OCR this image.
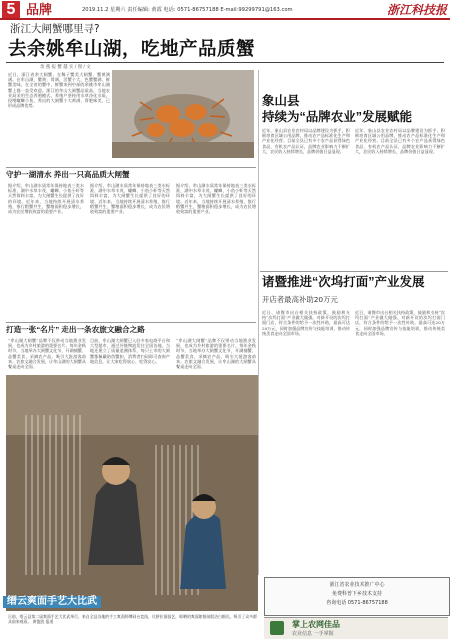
5 品牌	2019.11.2 星期六 责任编辑: 黄霞 电话: 0571-86757188 E-mail:99299791@163.com	浙江科技报
浙江大闸蟹哪里寻?
去余姚牟山湖，吃地产品质蟹
余 燕 报 蟹 越 实 / 图 / 文
近日，浙江省余大闸蟹，在稀子蟹美大闸蟹，蟹黄满满。在牟山湖，蟹黄、膏满，活蟹个大，色蟹蟹满。鲜蟹美味，在全省的蟹中，鲜蟹来到中部的余姚市牟山湖蟹上都一直受欢迎。浙江的牟山大闸蟹品质高。当地农业局采用生态养殖模式，养殖户坚持用水草净化水质，投喂螺蛳小鱼，养出的大闸蟹个大黄满、膏肥味美，已形成品牌优势。
守护一湖清水 养出一只高品质大闸蟹
据介绍，牟山湖水质常年保持地表三类水标准，湖中水草丰茂，螺蛳、小鱼小虾等天然饵料丰富，为大闸蟹生长提供了良好的环境。近年来，当地持续开展清水养殖，推行稻蟹共生，蟹塘面积稳步增长，成为农民增收致富的重要产业。
据介绍，牟山湖水质常年保持地表三类水标准，湖中水草丰茂，螺蛳、小鱼小虾等天然饵料丰富，为大闸蟹生长提供了良好的环境。近年来，当地持续开展清水养殖，推行稻蟹共生，蟹塘面积稳步增长，成为农民增收致富的重要产业。
据介绍，牟山湖水质常年保持地表三类水标准，湖中水草丰茂，螺蛳、小鱼小虾等天然饵料丰富，为大闸蟹生长提供了良好的环境。近年来，当地持续开展清水养殖，推行稻蟹共生，蟹塘面积稳步增长，成为农民增收致富的重要产业。
打造一张“名片” 走出一条农旅文融合之路
“牟山湖大闸蟹”品牌不仅带动当地渔业发展，也成为乡村旅游的重要名片。每年金秋时节，当地举办大闸蟹文化节，开湖捕蟹、品蟹美食、采摘农产品，吸引大批游客前来。农旅文融合发展，让牟山湖的大闸蟹从餐桌走向全国。
目前，牟山湖大闸蟹已入驻多家电商平台和大型超市，通过冷链物流发往全国各地。当地还建立了质量追溯体系，每只上市的大闸蟹都佩戴防伪蟹扣，消费者扫码即可查询产地信息，让大家吃得放心、吃得安心。
“牟山湖大闸蟹”品牌不仅带动当地渔业发展，也成为乡村旅游的重要名片。每年金秋时节，当地举办大闸蟹文化节，开湖捕蟹、品蟹美食、采摘农产品，吸引大批游客前来。农旅文融合发展，让牟山湖的大闸蟹从餐桌走向全国。
象山县
持续为“品牌农业”发展赋能
近年，象山县农业农村局以品牌建设为抓手，积极培育区域公用品牌，推动农产品标准化生产和产业化经营。目前全县已有多个农产品获得绿色食品、有机农产品认证，品牌农业影响力不断扩大，农民收入持续增长，品牌价值日益显现。
近年，象山县农业农村局以品牌建设为抓手，积极培育区域公用品牌，推动农产品标准化生产和产业化经营。目前全县已有多个农产品获得绿色食品、有机农产品认证，品牌农业影响力不断扩大，农民收入持续增长，品牌价值日益显现。
诸暨推进“次坞打面”产业发展
开店者最高补助20万元
近日，诸暨市出台相关扶持政策，鼓励和支持“次坞打面”产业做大做强。对新开设的次坞打面门店，符合条件的给予一次性补助，最高可达20万元，同时加强品牌宣传与技能培训，推动传统美食走向全国市场。
近日，诸暨市出台相关扶持政策，鼓励和支持“次坞打面”产业做大做强。对新开设的次坞打面门店，符合条件的给予一次性补助，最高可达20万元，同时加强品牌宣传与技能培训，推动传统美食走向全国市场。
缙云爽面手艺大比武
日前，缙云县第二届爽面手艺大比武举行，来自全县各地的手工爽面师傅同台竞技，比拼拉面技艺，晾晒的爽面如银丝般洁白细长，吸引了众多群众前来观看。 黄俊凯 报道
浙江省农业技术推广中心
免费科普下乡技术支持
咨询电话 0571-86757188
掌上农网佳品
农业信息 一手掌握
